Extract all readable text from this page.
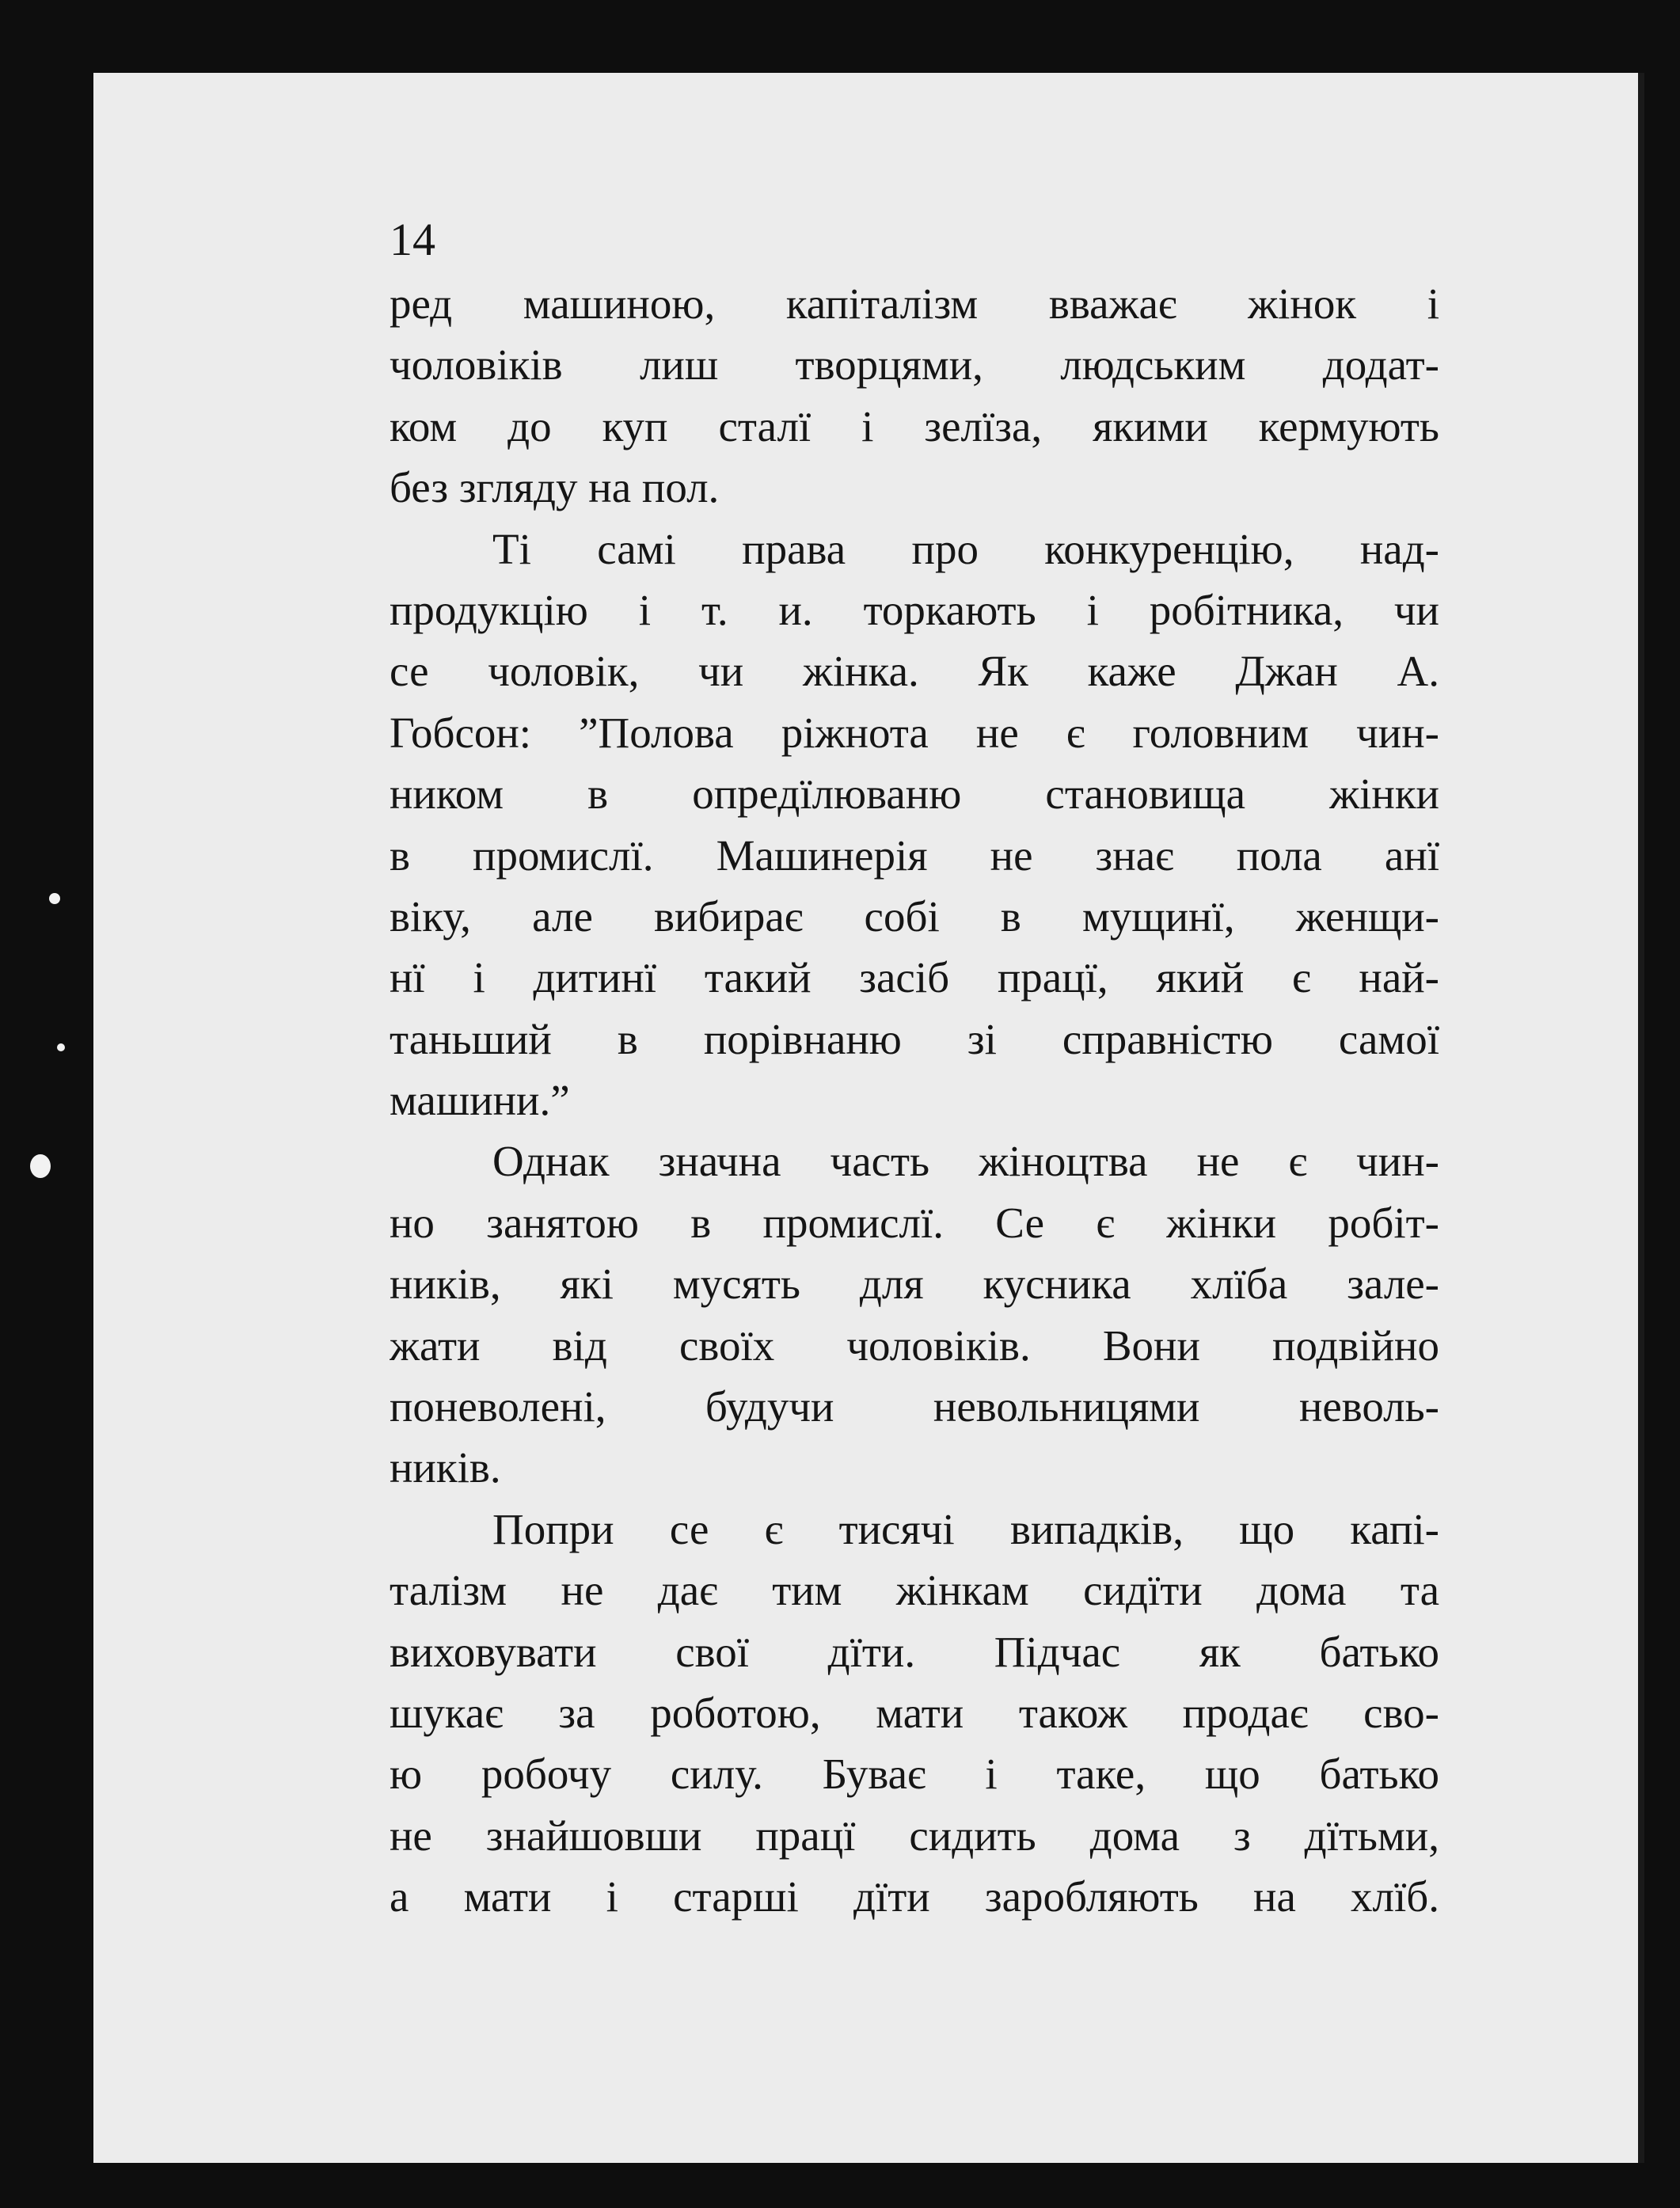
14
ред машиною, капіталізм вважає жінок і
чоловіків лиш творцями, людським додат-
ком до куп сталї і зелїза, якими кермують
без згляду на пол.
Ті самі права про конкуренцію, над-
продукцію і т. и. торкають і робітника, чи
се чоловік, чи жінка. Як каже Джан А.
Гобсон: ”Полова ріжнота не є головним чин-
ником в опредїлюваню становища жінки
в промислї. Машинерія не знає пола анї
віку, але вибирає собі в мущинї, женщи-
нї і дитинї такий засіб працї, який є най-
таньший в порівнаню зі справністю самої
машини.”
Однак значна часть жіноцтва не є чин-
но занятою в промислї. Се є жінки робіт-
ників, які мусять для кусника хлїба зале-
жати від своїх чоловіків. Вони подвійно
поневолені, будучи невольницями неволь-
ників.
Попри се є тисячі випадків, що капі-
талізм не дає тим жінкам сидїти дома та
виховувати свої дїти. Підчас як батько
шукає за роботою, мати також продає сво-
ю робочу силу. Буває і таке, що батько
не знайшовши працї сидить дома з дїтьми,
а мати і старші дїти заробляють на хлїб.
